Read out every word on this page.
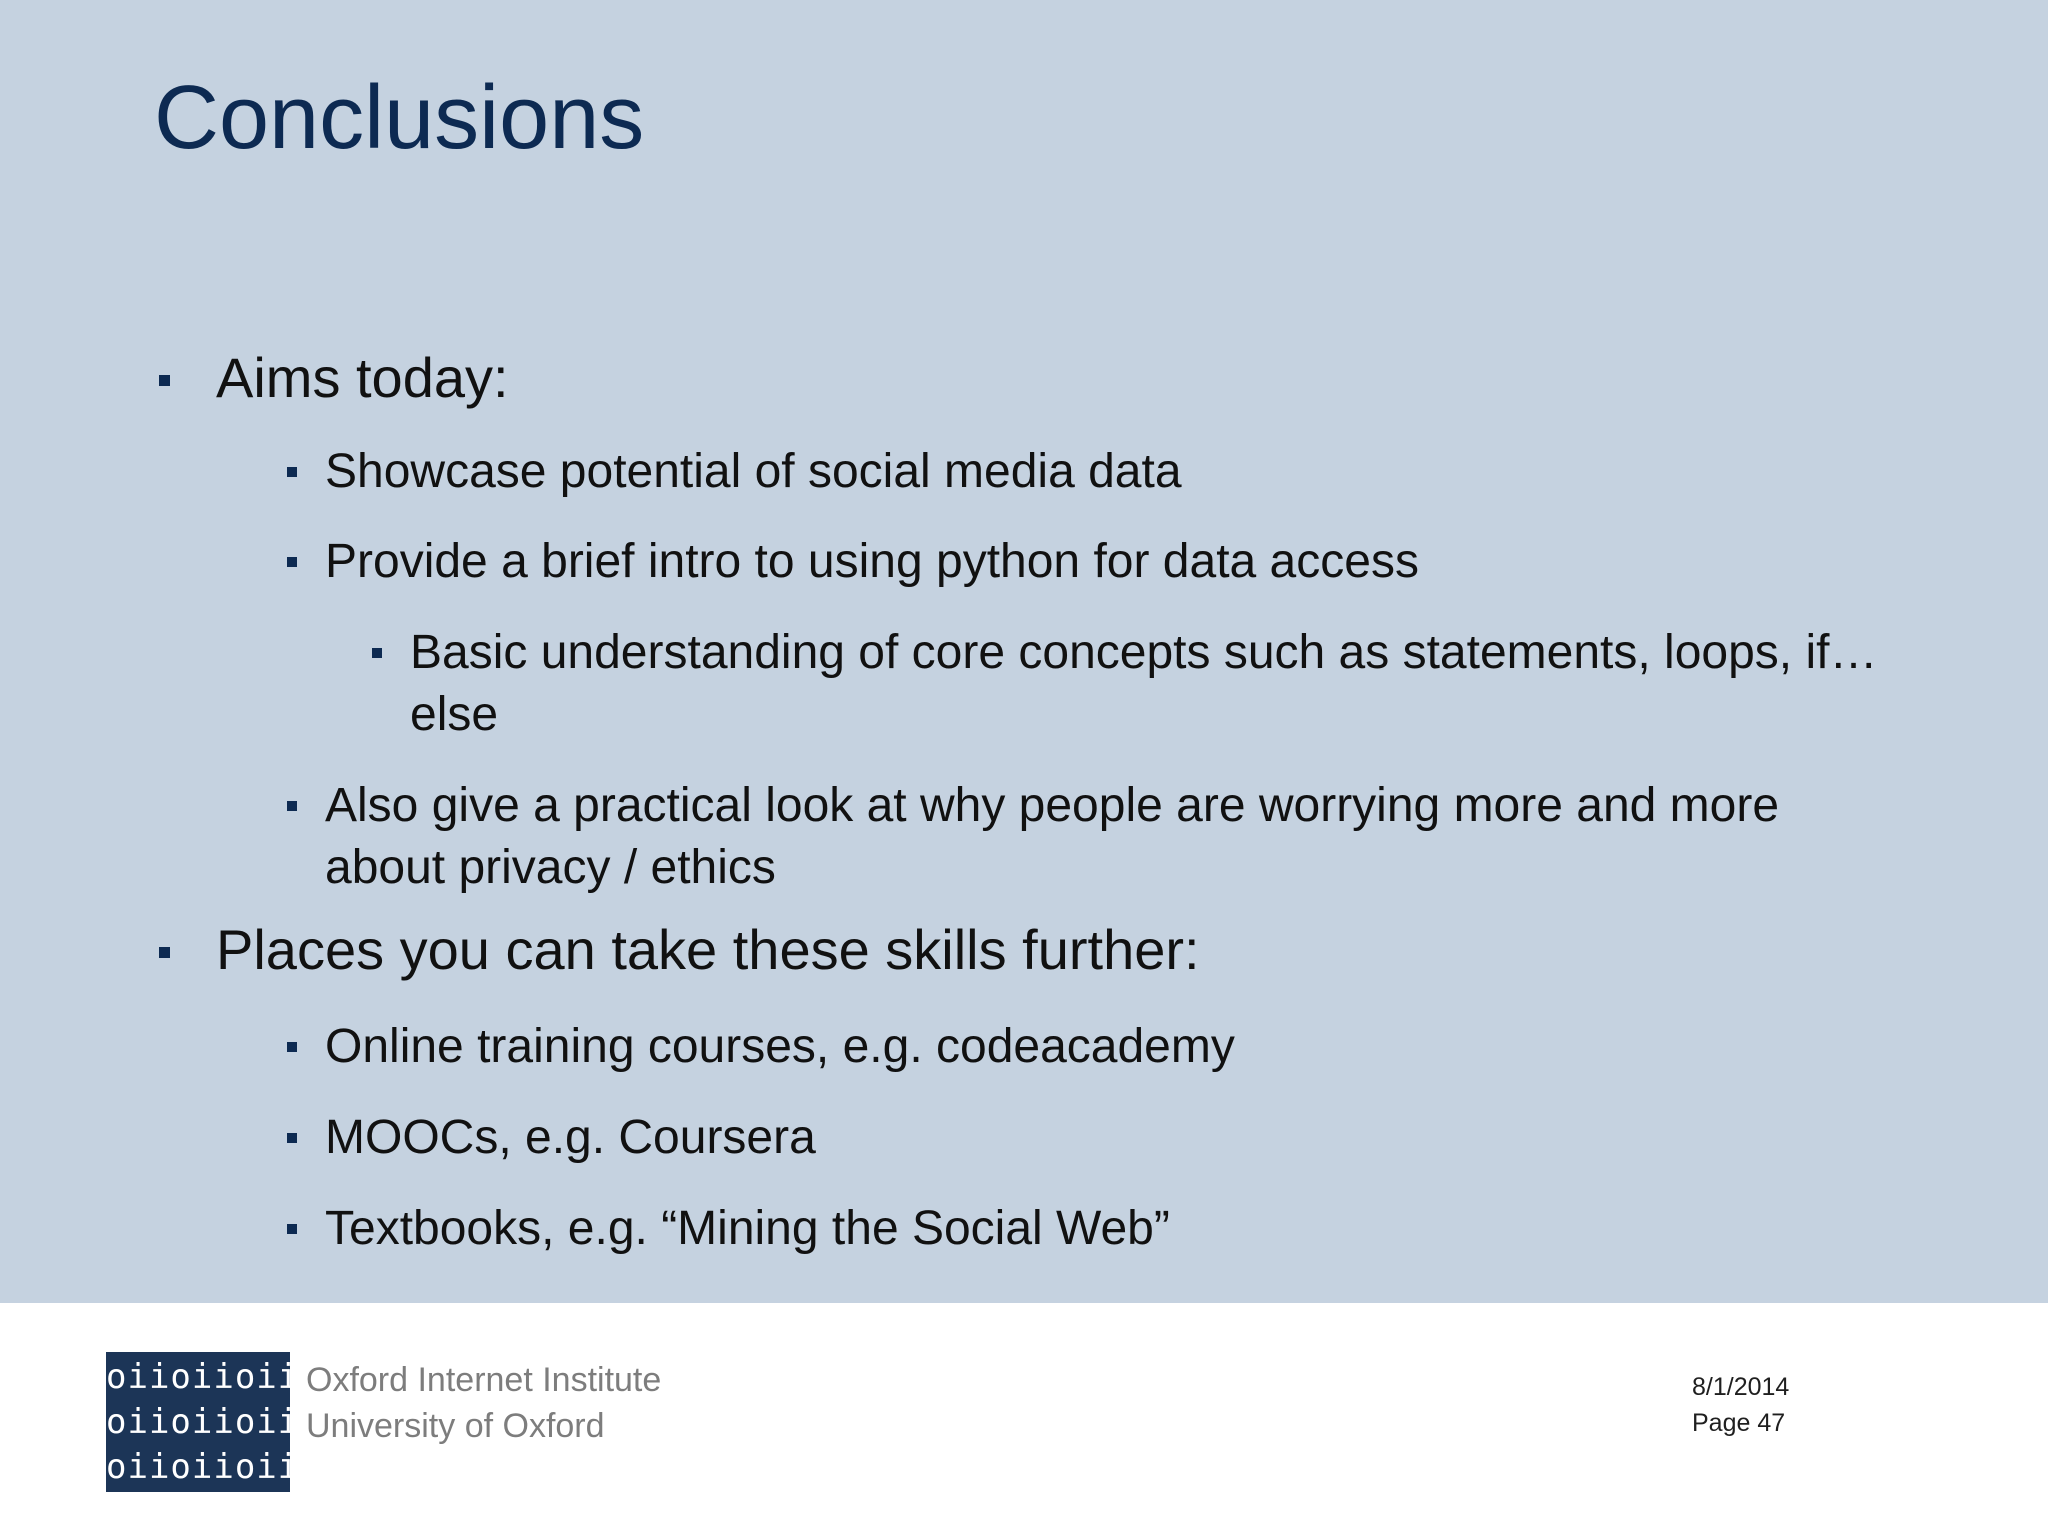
Conclusions
Aims today:
Showcase potential of social media data
Provide a brief intro to using python for data access
Basic understanding of core concepts such as statements, loops, if…else
Also give a practical look at why people are worrying more and more about privacy / ethics
Places you can take these skills further:
Online training courses, e.g. codeacademy
MOOCs, e.g. Coursera
Textbooks, e.g. “Mining the Social Web”
oiioiioii
oiioiioii
oiioiioii
Oxford Internet Institute
University of Oxford
8/1/2014
Page 47
